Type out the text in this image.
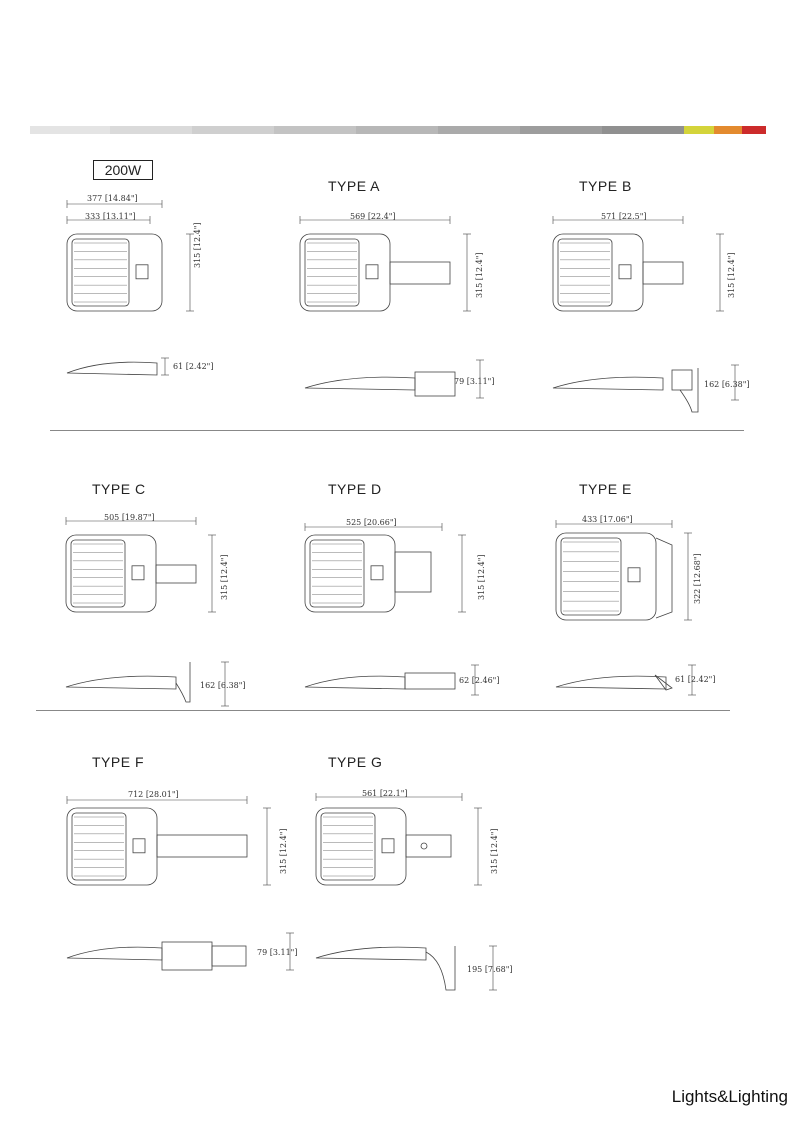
200W
TYPE A	TYPE B
TYPE C	TYPE D	TYPE E
TYPE F	TYPE G
377 [14.84"]
333 [13.11"]
315 [12.4"]
61 [2.42"]
569 [22.4"]
315 [12.4"]
79 [3.11"]
571 [22.5"]
315 [12.4"]
162 [6.38"]
505 [19.87"]
315 [12.4"]
162 [6.38"]
525 [20.66"]
315 [12.4"]
62 [2.46"]
433 [17.06"]
322 [12.68"]
61 [2.42"]
712 [28.01"]
315 [12.4"]
79 [3.11"]
561 [22.1"]
315 [12.4"]
195 [7.68"]
Lights&Lighting
